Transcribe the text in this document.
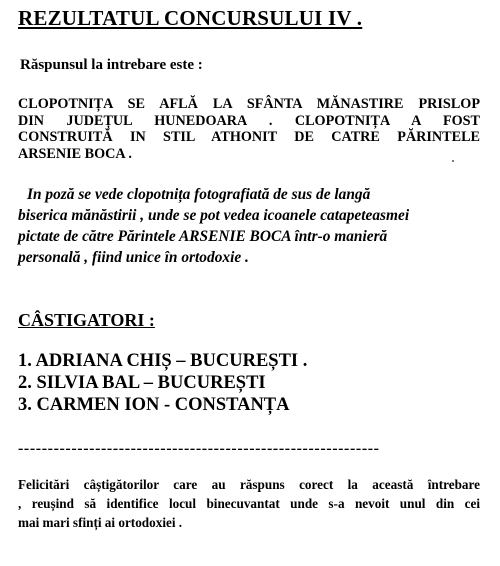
REZULTATUL CONCURSULUI IV .
Răspunsul la intrebare este :
CLOPOTNIȚA SE AFLĂ LA SFÂNTA MĂNASTIRE PRISLOP
DIN JUDEȚUL HUNEDOARA . CLOPOTNIȚA A FOST
CONSTRUITĂ IN STIL ATHONIT DE CATRE PĂRINTELE
ARSENIE BOCA .
In poză se vede clopotnița fotografiată de sus de langă
biserica mănăstirii , unde se pot vedea icoanele catapeteasmei
pictate de către Părintele ARSENIE BOCA într-o manieră
personală , fiind unice în ortodoxie .
CÂSTIGATORI :
1. ADRIANA CHIȘ – BUCUREȘTI .
2. SILVIA BAL – BUCUREȘTI
3. CARMEN ION - CONSTANȚA
-------------------------------------------------------------
Felicitări câștigătorilor care au răspuns corect la această întrebare
, reușind să identifice locul binecuvantat unde s-a nevoit unul din cei
mai mari sfinți ai ortodoxiei .
